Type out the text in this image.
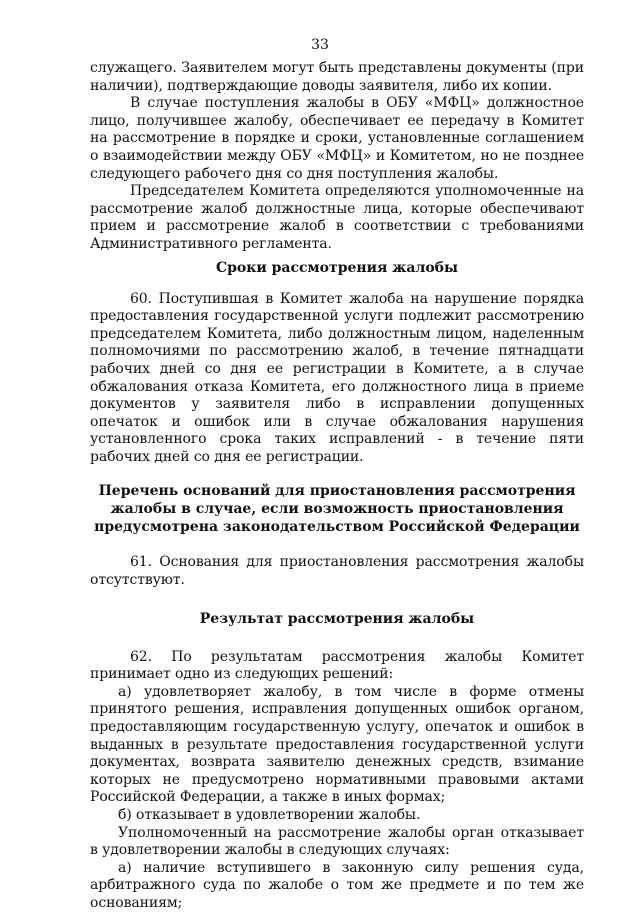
33

служащего. Заявителем могут быть представлены документы (при наличии), подтверждающие доводы заявителя, либо их копии.

В случае поступления жалобы в ОБУ «МФЦ» должностное лицо, получившее жалобу, обеспечивает ее передачу в Комитет на рассмотрение в порядке и сроки, установленные соглашением о взаимодействии между ОБУ «МФЦ» и Комитетом, но не позднее следующего рабочего дня со дня поступления жалобы.

Председателем Комитета определяются уполномоченные на рассмотрение жалоб должностные лица, которые обеспечивают прием и рассмотрение жалоб в соответствии с требованиями Административного регламента.

Сроки рассмотрения жалобы

60. Поступившая в Комитет жалоба на нарушение порядка предоставления государственной услуги подлежит рассмотрению председателем Комитета, либо должностным лицом, наделенным полномочиями по рассмотрению жалоб, в течение пятнадцати рабочих дней со дня ее регистрации в Комитете, а в случае обжалования отказа Комитета, его должностного лица в приеме документов у заявителя либо в исправлении допущенных опечаток и ошибок или в случае обжалования нарушения установленного срока таких исправлений - в течение пяти рабочих дней со дня ее регистрации.

Перечень оснований для приостановления рассмотрения жалобы в случае, если возможность приостановления предусмотрена законодательством Российской Федерации

61. Основания для приостановления рассмотрения жалобы отсутствуют.

Результат рассмотрения жалобы

62. По результатам рассмотрения жалобы Комитет принимает одно из следующих решений:

а) удовлетворяет жалобу, в том числе в форме отмены принятого решения, исправления допущенных ошибок органом, предоставляющим государственную услугу, опечаток и ошибок в выданных в результате предоставления государственной услуги документах, возврата заявителю денежных средств, взимание которых не предусмотрено нормативными правовыми актами Российской Федерации, а также в иных формах;

б) отказывает в удовлетворении жалобы.

Уполномоченный на рассмотрение жалобы орган отказывает в удовлетворении жалобы в следующих случаях:

а) наличие вступившего в законную силу решения суда, арбитражного суда по жалобе о том же предмете и по тем же основаниям;
